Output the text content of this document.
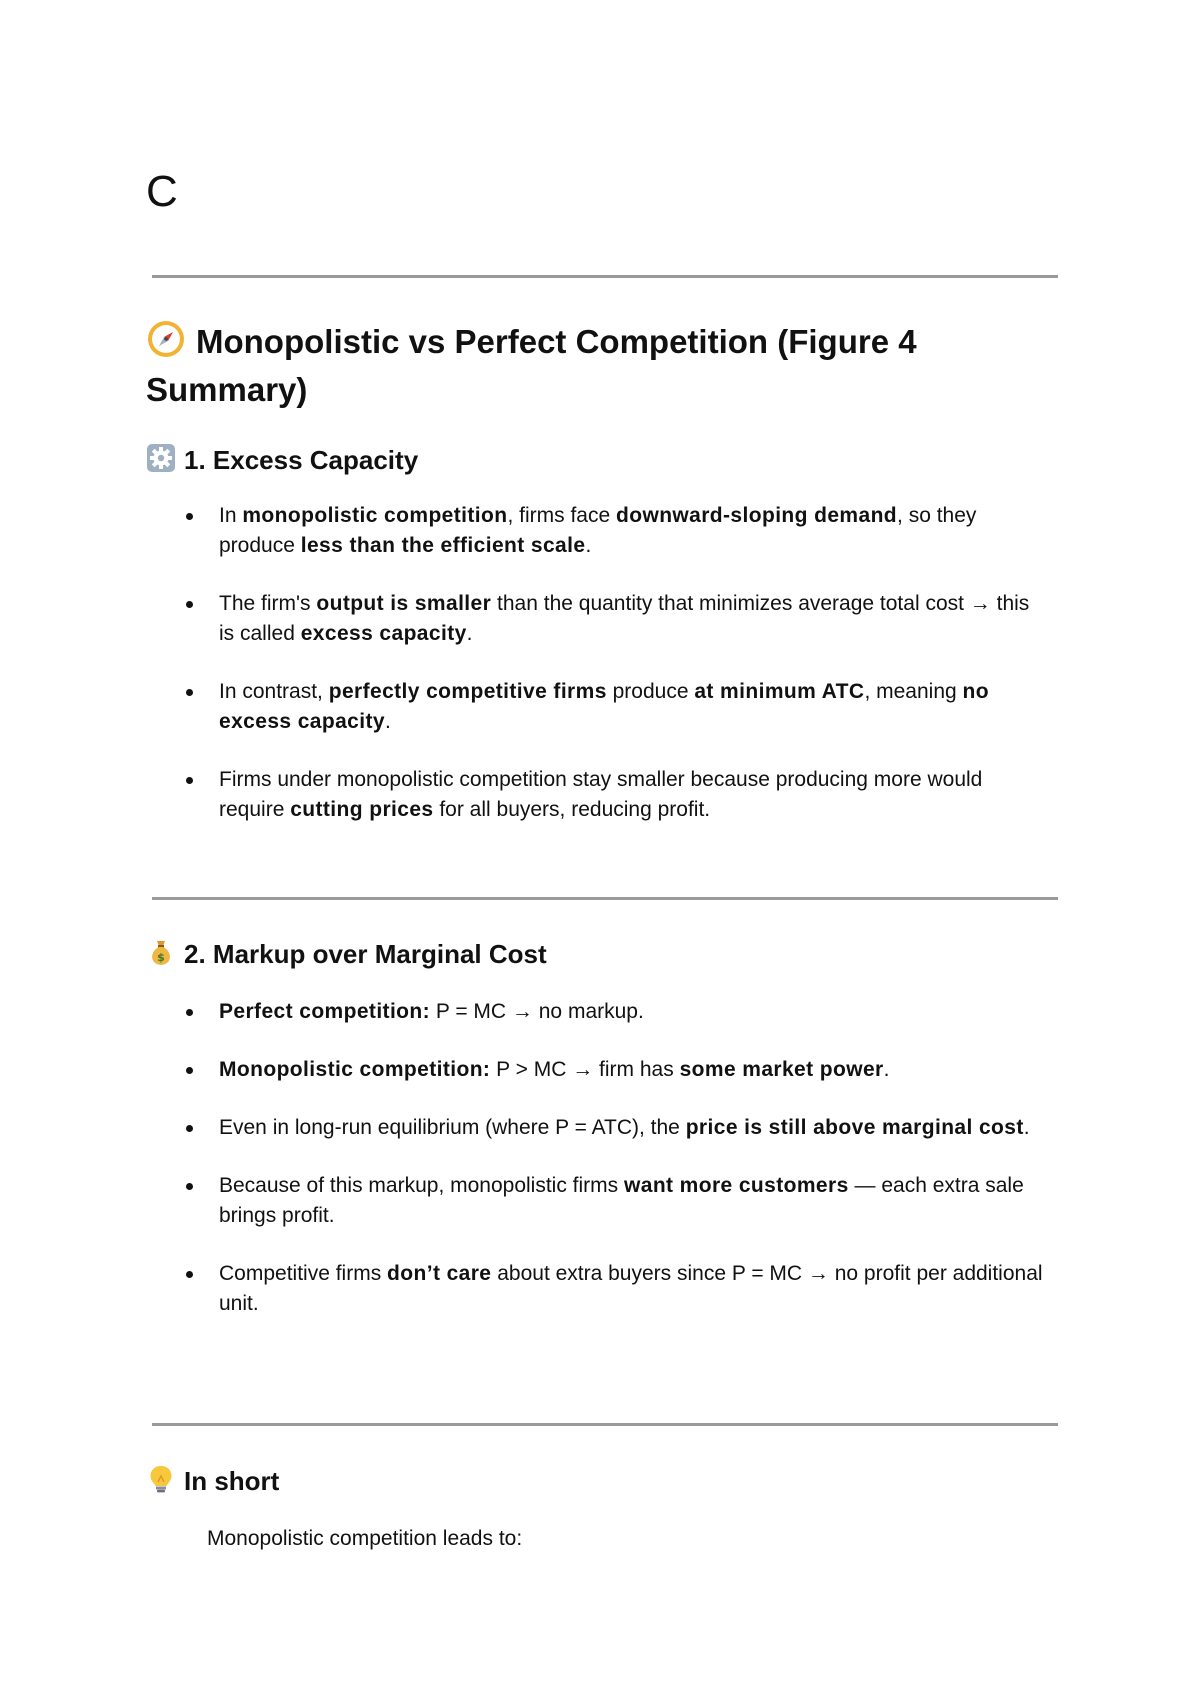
C
Monopolistic vs Perfect Competition (Figure 4 Summary)
1. Excess Capacity
In monopolistic competition, firms face downward-sloping demand, so they produce less than the efficient scale.
The firm's output is smaller than the quantity that minimizes average total cost → this is called excess capacity.
In contrast, perfectly competitive firms produce at minimum ATC, meaning no excess capacity.
Firms under monopolistic competition stay smaller because producing more would require cutting prices for all buyers, reducing profit.
$ 2. Markup over Marginal Cost
Perfect competition: P = MC → no markup.
Monopolistic competition: P > MC → firm has some market power.
Even in long-run equilibrium (where P = ATC), the price is still above marginal cost.
Because of this markup, monopolistic firms want more customers — each extra sale brings profit.
Competitive firms don’t care about extra buyers since P = MC → no profit per additional unit.
In short
Monopolistic competition leads to:
